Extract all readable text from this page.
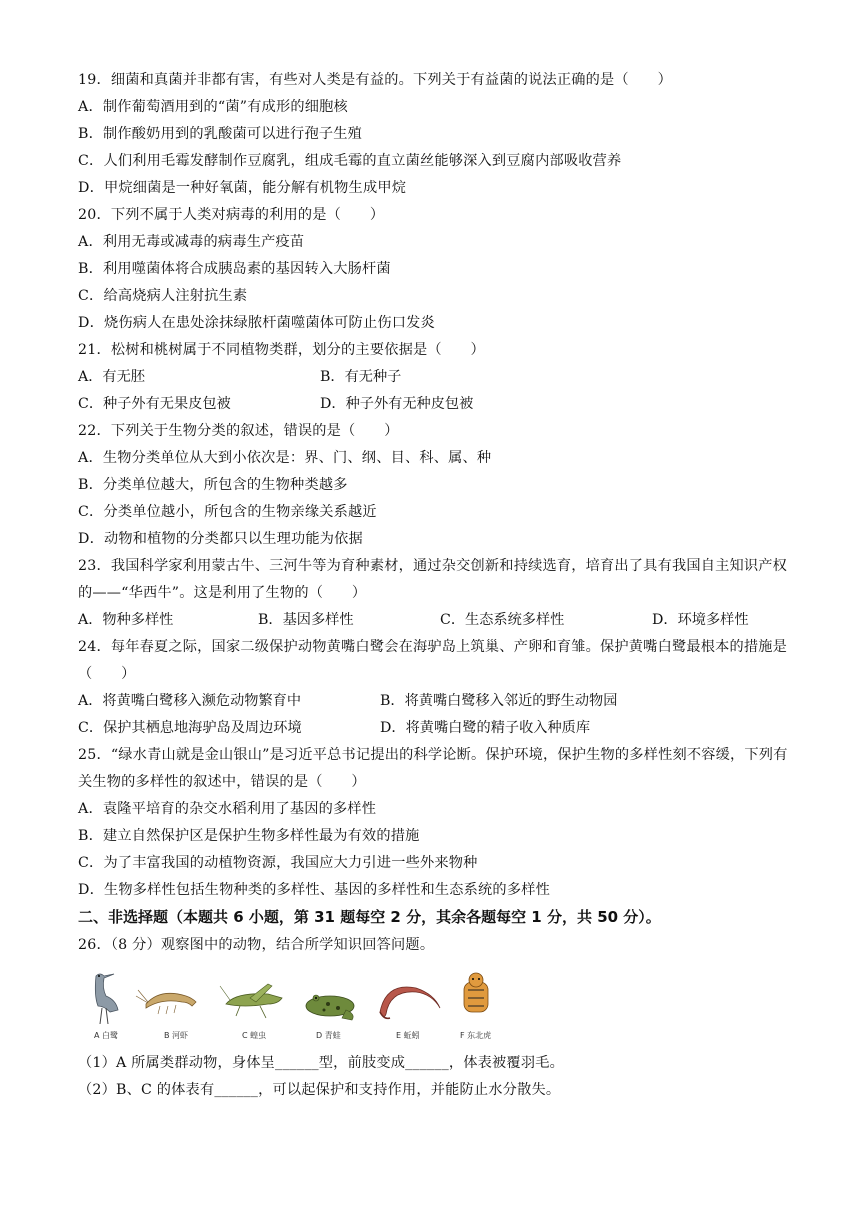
19．细菌和真菌并非都有害，有些对人类是有益的。下列关于有益菌的说法正确的是（　　）
A．制作葡萄酒用到的“菌”有成形的细胞核
B．制作酸奶用到的乳酸菌可以进行孢子生殖
C．人们利用毛霉发酵制作豆腐乳，组成毛霉的直立菌丝能够深入到豆腐内部吸收营养
D．甲烷细菌是一种好氧菌，能分解有机物生成甲烷
20．下列不属于人类对病毒的利用的是（　　）
A．利用无毒或减毒的病毒生产疫苗
B．利用噬菌体将合成胰岛素的基因转入大肠杆菌
C．给高烧病人注射抗生素
D．烧伤病人在患处涂抹绿脓杆菌噬菌体可防止伤口发炎
21．松树和桃树属于不同植物类群，划分的主要依据是（　　）
A．有无胚	B．有无种子
C．种子外有无果皮包被	D．种子外有无种皮包被
22．下列关于生物分类的叙述，错误的是（　　）
A．生物分类单位从大到小依次是：界、门、纲、目、科、属、种
B．分类单位越大，所包含的生物种类越多
C．分类单位越小，所包含的生物亲缘关系越近
D．动物和植物的分类都只以生理功能为依据
23．我国科学家利用蒙古牛、三河牛等为育种素材，通过杂交创新和持续选育，培育出了具有我国自主知识产权的——“华西牛”。这是利用了生物的（　　）
A．物种多样性	B．基因多样性	C．生态系统多样性	D．环境多样性
24．每年春夏之际，国家二级保护动物黄嘴白鹭会在海驴岛上筑巢、产卵和育雏。保护黄嘴白鹭最根本的措施是（　　）
A．将黄嘴白鹭移入濒危动物繁育中	B．将黄嘴白鹭移入邻近的野生动物园
C．保护其栖息地海驴岛及周边环境	D．将黄嘴白鹭的精子收入种质库
25．“绿水青山就是金山银山”是习近平总书记提出的科学论断。保护环境，保护生物的多样性刻不容缓，下列有关生物的多样性的叙述中，错误的是（　　）
A．袁隆平培育的杂交水稻利用了基因的多样性
B．建立自然保护区是保护生物多样性最为有效的措施
C．为了丰富我国的动植物资源，我国应大力引进一些外来物种
D．生物多样性包括生物种类的多样性、基因的多样性和生态系统的多样性
二、非选择题（本题共 6 小题，第 31 题每空 2 分，其余各题每空 1 分，共 50 分）。
26．（8 分）观察图中的动物，结合所学知识回答问题。
A 白鹭	B 河虾	C 蝗虫	D 青蛙	E 蚯蚓	F 东北虎
（1）A 所属类群动物，身体呈______型，前肢变成______，体表被覆羽毛。
（2）B、C 的体表有______，可以起保护和支持作用，并能防止水分散失。
